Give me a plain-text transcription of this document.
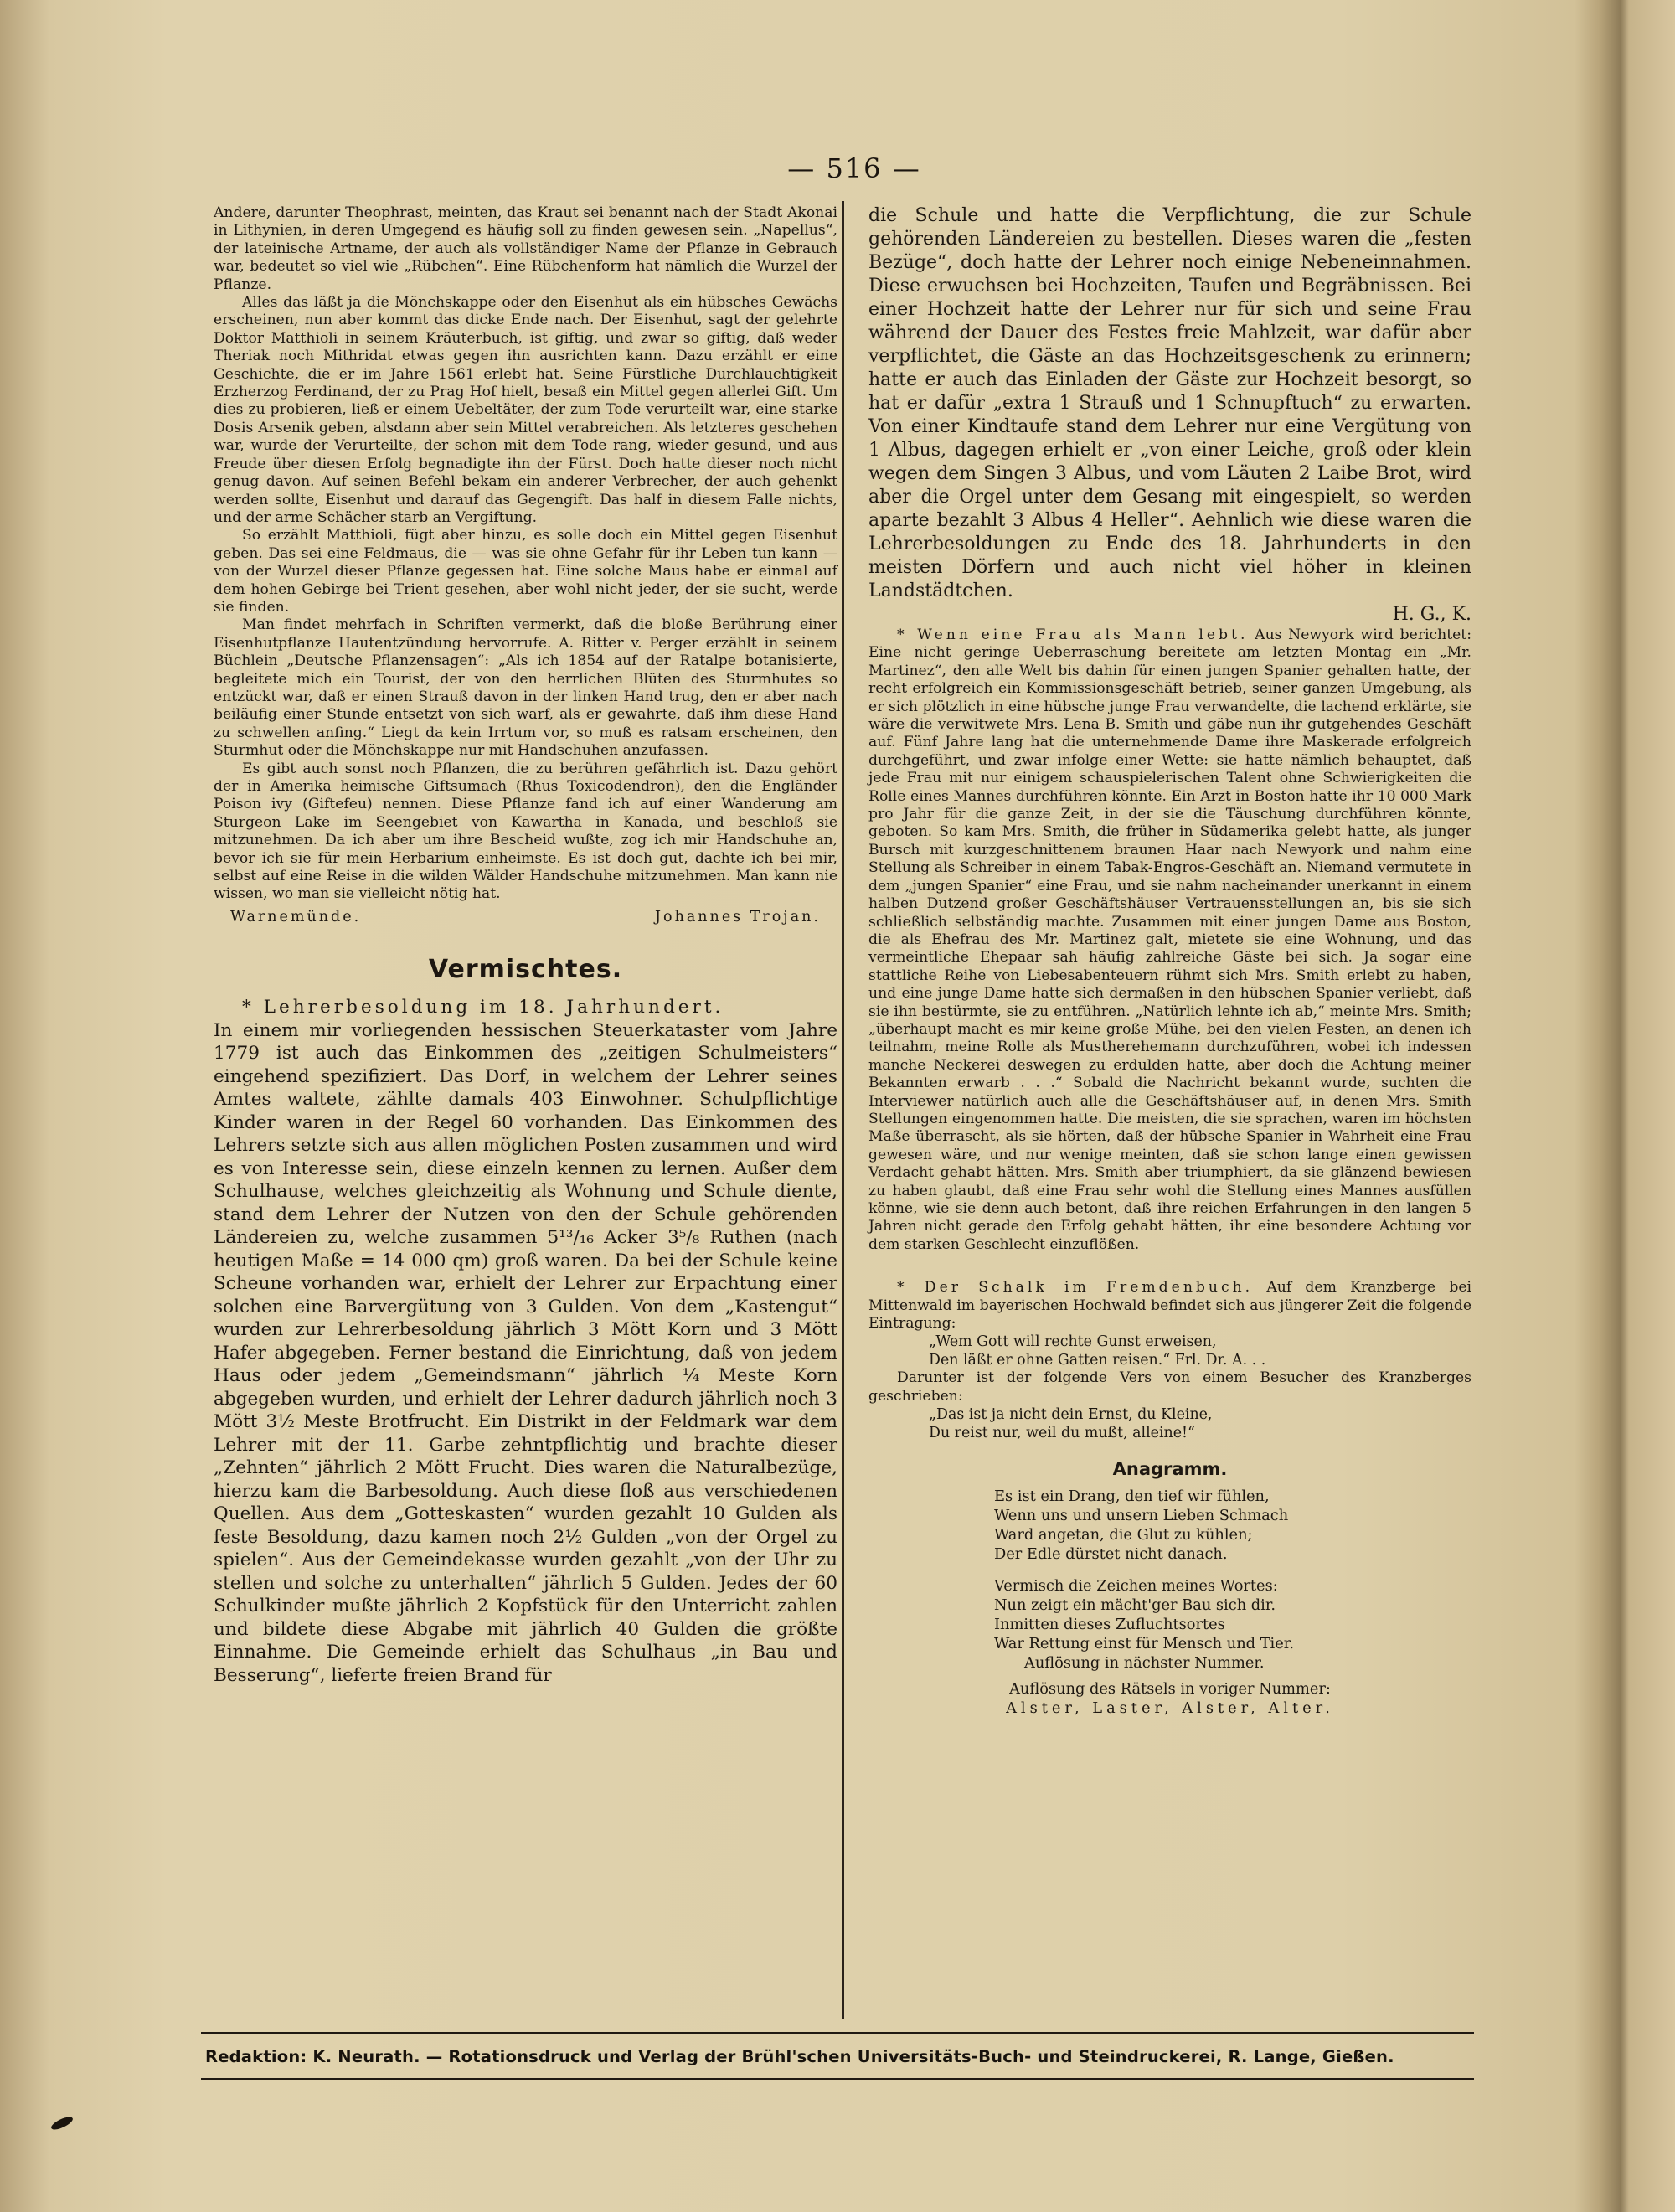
— 516 —

Andere, darunter Theophrast, meinten, das Kraut sei benannt nach der Stadt Akonai in Lithynien, in deren Umgegend es häufig soll zu finden gewesen sein. „Napellus“, der lateinische Artname, der auch als vollständiger Name der Pflanze in Gebrauch war, bedeutet so viel wie „Rübchen“. Eine Rübchenform hat nämlich die Wurzel der Pflanze.

Alles das läßt ja die Mönchskappe oder den Eisenhut als ein hübsches Gewächs erscheinen, nun aber kommt das dicke Ende nach. Der Eisenhut, sagt der gelehrte Doktor Matthioli in seinem Kräuterbuch, ist giftig, und zwar so giftig, daß weder Theriak noch Mithridat etwas gegen ihn ausrichten kann. Dazu erzählt er eine Geschichte, die er im Jahre 1561 erlebt hat. Seine Fürstliche Durchlauchtigkeit Erzherzog Ferdinand, der zu Prag Hof hielt, besaß ein Mittel gegen allerlei Gift. Um dies zu probieren, ließ er einem Uebeltäter, der zum Tode verurteilt war, eine starke Dosis Arsenik geben, alsdann aber sein Mittel verabreichen. Als letzteres geschehen war, wurde der Verurteilte, der schon mit dem Tode rang, wieder gesund, und aus Freude über diesen Erfolg begnadigte ihn der Fürst. Doch hatte dieser noch nicht genug davon. Auf seinen Befehl bekam ein anderer Verbrecher, der auch gehenkt werden sollte, Eisenhut und darauf das Gegengift. Das half in diesem Falle nichts, und der arme Schächer starb an Vergiftung.

So erzählt Matthioli, fügt aber hinzu, es solle doch ein Mittel gegen Eisenhut geben. Das sei eine Feldmaus, die — was sie ohne Gefahr für ihr Leben tun kann — von der Wurzel dieser Pflanze gegessen hat. Eine solche Maus habe er einmal auf dem hohen Gebirge bei Trient gesehen, aber wohl nicht jeder, der sie sucht, werde sie finden.

Man findet mehrfach in Schriften vermerkt, daß die bloße Berührung einer Eisenhutpflanze Hautentzündung hervorrufe. A. Ritter v. Perger erzählt in seinem Büchlein „Deutsche Pflanzensagen“: „Als ich 1854 auf der Ratalpe botanisierte, begleitete mich ein Tourist, der von den herrlichen Blüten des Sturmhutes so entzückt war, daß er einen Strauß davon in der linken Hand trug, den er aber nach beiläufig einer Stunde entsetzt von sich warf, als er gewahrte, daß ihm diese Hand zu schwellen anfing.“ Liegt da kein Irrtum vor, so muß es ratsam erscheinen, den Sturmhut oder die Mönchskappe nur mit Handschuhen anzufassen.

Es gibt auch sonst noch Pflanzen, die zu berühren gefährlich ist. Dazu gehört der in Amerika heimische Giftsumach (Rhus Toxicodendron), den die Engländer Poison ivy (Giftefeu) nennen. Diese Pflanze fand ich auf einer Wanderung am Sturgeon Lake im Seengebiet von Kawartha in Kanada, und beschloß sie mitzunehmen. Da ich aber um ihre Bescheid wußte, zog ich mir Handschuhe an, bevor ich sie für mein Herbarium einheimste. Es ist doch gut, dachte ich bei mir, selbst auf eine Reise in die wilden Wälder Handschuhe mitzunehmen. Man kann nie wissen, wo man sie vielleicht nötig hat.

Warnemünde.	Johannes Trojan.
Vermischtes.

* Lehrerbesoldung im 18. Jahrhundert.

In einem mir vorliegenden hessischen Steuerkataster vom Jahre 1779 ist auch das Einkommen des „zeitigen Schulmeisters“ eingehend spezifiziert. Das Dorf, in welchem der Lehrer seines Amtes waltete, zählte damals 403 Einwohner. Schulpflichtige Kinder waren in der Regel 60 vorhanden. Das Einkommen des Lehrers setzte sich aus allen möglichen Posten zusammen und wird es von Interesse sein, diese einzeln kennen zu lernen. Außer dem Schulhause, welches gleichzeitig als Wohnung und Schule diente, stand dem Lehrer der Nutzen von den der Schule gehörenden Ländereien zu, welche zusammen 5¹³/₁₆ Acker 3⁵/₈ Ruthen (nach heutigen Maße = 14 000 qm) groß waren. Da bei der Schule keine Scheune vorhanden war, erhielt der Lehrer zur Erpachtung einer solchen eine Barvergütung von 3 Gulden. Von dem „Kastengut“ wurden zur Lehrerbesoldung jährlich 3 Mött Korn und 3 Mött Hafer abgegeben. Ferner bestand die Einrichtung, daß von jedem Haus oder jedem „Gemeindsmann“ jährlich ¼ Meste Korn abgegeben wurden, und erhielt der Lehrer dadurch jährlich noch 3 Mött 3½ Meste Brotfrucht. Ein Distrikt in der Feldmark war dem Lehrer mit der 11. Garbe zehntpflichtig und brachte dieser „Zehnten“ jährlich 2 Mött Frucht. Dies waren die Naturalbezüge, hierzu kam die Barbesoldung. Auch diese floß aus verschiedenen Quellen. Aus dem „Gotteskasten“ wurden gezahlt 10 Gulden als feste Besoldung, dazu kamen noch 2½ Gulden „von der Orgel zu spielen“. Aus der Gemeindekasse wurden gezahlt „von der Uhr zu stellen und solche zu unterhalten“ jährlich 5 Gulden. Jedes der 60 Schulkinder mußte jährlich 2 Kopfstück für den Unterricht zahlen und bildete diese Abgabe mit jährlich 40 Gulden die größte Einnahme. Die Gemeinde erhielt das Schulhaus „in Bau und Besserung“, lieferte freien Brand für

die Schule und hatte die Verpflichtung, die zur Schule gehörenden Ländereien zu bestellen. Dieses waren die „festen Bezüge“, doch hatte der Lehrer noch einige Nebeneinnahmen. Diese erwuchsen bei Hochzeiten, Taufen und Begräbnissen. Bei einer Hochzeit hatte der Lehrer nur für sich und seine Frau während der Dauer des Festes freie Mahlzeit, war dafür aber verpflichtet, die Gäste an das Hochzeitsgeschenk zu erinnern; hatte er auch das Einladen der Gäste zur Hochzeit besorgt, so hat er dafür „extra 1 Strauß und 1 Schnupftuch“ zu erwarten. Von einer Kindtaufe stand dem Lehrer nur eine Vergütung von 1 Albus, dagegen erhielt er „von einer Leiche, groß oder klein wegen dem Singen 3 Albus, und vom Läuten 2 Laibe Brot, wird aber die Orgel unter dem Gesang mit eingespielt, so werden aparte bezahlt 3 Albus 4 Heller“. Aehnlich wie diese waren die Lehrerbesoldungen zu Ende des 18. Jahrhunderts in den meisten Dörfern und auch nicht viel höher in kleinen Landstädtchen.

H. G., K.

* Wenn eine Frau als Mann lebt. Aus Newyork wird berichtet: Eine nicht geringe Ueberraschung bereitete am letzten Montag ein „Mr. Martinez“, den alle Welt bis dahin für einen jungen Spanier gehalten hatte, der recht erfolgreich ein Kommissionsgeschäft betrieb, seiner ganzen Umgebung, als er sich plötzlich in eine hübsche junge Frau verwandelte, die lachend erklärte, sie wäre die verwitwete Mrs. Lena B. Smith und gäbe nun ihr gutgehendes Geschäft auf. Fünf Jahre lang hat die unternehmende Dame ihre Maskerade erfolgreich durchgeführt, und zwar infolge einer Wette: sie hatte nämlich behauptet, daß jede Frau mit nur einigem schauspielerischen Talent ohne Schwierigkeiten die Rolle eines Mannes durchführen könnte. Ein Arzt in Boston hatte ihr 10 000 Mark pro Jahr für die ganze Zeit, in der sie die Täuschung durchführen könnte, geboten. So kam Mrs. Smith, die früher in Südamerika gelebt hatte, als junger Bursch mit kurzgeschnittenem braunen Haar nach Newyork und nahm eine Stellung als Schreiber in einem Tabak-Engros-Geschäft an. Niemand vermutete in dem „jungen Spanier“ eine Frau, und sie nahm nacheinander unerkannt in einem halben Dutzend großer Geschäftshäuser Vertrauensstellungen an, bis sie sich schließlich selbständig machte. Zusammen mit einer jungen Dame aus Boston, die als Ehefrau des Mr. Martinez galt, mietete sie eine Wohnung, und das vermeintliche Ehepaar sah häufig zahlreiche Gäste bei sich. Ja sogar eine stattliche Reihe von Liebesabenteuern rühmt sich Mrs. Smith erlebt zu haben, und eine junge Dame hatte sich dermaßen in den hübschen Spanier verliebt, daß sie ihn bestürmte, sie zu entführen. „Natürlich lehnte ich ab,“ meinte Mrs. Smith; „überhaupt macht es mir keine große Mühe, bei den vielen Festen, an denen ich teilnahm, meine Rolle als Mustherehemann durchzuführen, wobei ich indessen manche Neckerei deswegen zu erdulden hatte, aber doch die Achtung meiner Bekannten erwarb . . .“ Sobald die Nachricht bekannt wurde, suchten die Interviewer natürlich auch alle die Geschäftshäuser auf, in denen Mrs. Smith Stellungen eingenommen hatte. Die meisten, die sie sprachen, waren im höchsten Maße überrascht, als sie hörten, daß der hübsche Spanier in Wahrheit eine Frau gewesen wäre, und nur wenige meinten, daß sie schon lange einen gewissen Verdacht gehabt hätten. Mrs. Smith aber triumphiert, da sie glänzend bewiesen zu haben glaubt, daß eine Frau sehr wohl die Stellung eines Mannes ausfüllen könne, wie sie denn auch betont, daß ihre reichen Erfahrungen in den langen 5 Jahren nicht gerade den Erfolg gehabt hätten, ihr eine besondere Achtung vor dem starken Geschlecht einzuflößen.

* Der Schalk im Fremdenbuch. Auf dem Kranzberge bei Mittenwald im bayerischen Hochwald befindet sich aus jüngerer Zeit die folgende Eintragung:

„Wem Gott will rechte Gunst erweisen,

Den läßt er ohne Gatten reisen.“ Frl. Dr. A. . .

Darunter ist der folgende Vers von einem Besucher des Kranzberges geschrieben:

„Das ist ja nicht dein Ernst, du Kleine,

Du reist nur, weil du mußt, alleine!“

Anagramm.
Es ist ein Drang, den tief wir fühlen,
Wenn uns und unsern Lieben Schmach
Ward angetan, die Glut zu kühlen;
Der Edle dürstet nicht danach.
Vermisch die Zeichen meines Wortes:
Nun zeigt ein mächt'ger Bau sich dir.
Inmitten dieses Zufluchtsortes
War Rettung einst für Mensch und Tier.
Auflösung in nächster Nummer.
Auflösung des Rätsels in voriger Nummer:
Alster, Laster, Alster, Alter.
Redaktion: K. Neurath. — Rotationsdruck und Verlag der Brühl'schen Universitäts-Buch- und Steindruckerei, R. Lange, Gießen.
